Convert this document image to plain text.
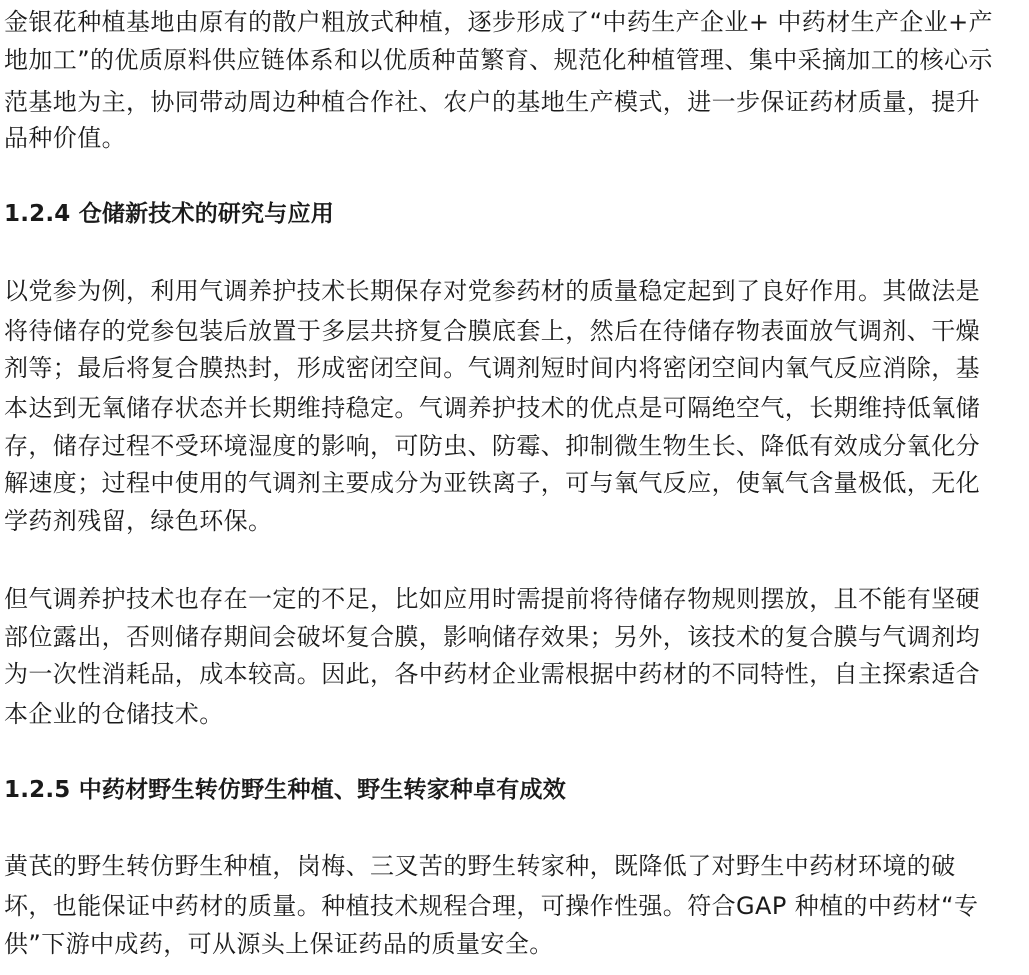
金银花种植基地由原有的散户粗放式种植，逐步形成了“中药生产企业+ 中药材生产企业+产
地加工”的优质原料供应链体系和以优质种苗繁育、规范化种植管理、集中采摘加工的核心示
范基地为主，协同带动周边种植合作社、农户的基地生产模式，进一步保证药材质量，提升
品种价值。
1.2.4 仓储新技术的研究与应用
以党参为例，利用气调养护技术长期保存对党参药材的质量稳定起到了良好作用。其做法是
将待储存的党参包装后放置于多层共挤复合膜底套上，然后在待储存物表面放气调剂、干燥
剂等；最后将复合膜热封，形成密闭空间。气调剂短时间内将密闭空间内氧气反应消除，基
本达到无氧储存状态并长期维持稳定。气调养护技术的优点是可隔绝空气，长期维持低氧储
存，储存过程不受环境湿度的影响，可防虫、防霉、抑制微生物生长、降低有效成分氧化分
解速度；过程中使用的气调剂主要成分为亚铁离子，可与氧气反应，使氧气含量极低，无化
学药剂残留，绿色环保。
但气调养护技术也存在一定的不足，比如应用时需提前将待储存物规则摆放，且不能有坚硬
部位露出，否则储存期间会破坏复合膜，影响储存效果；另外，该技术的复合膜与气调剂均
为一次性消耗品，成本较高。因此，各中药材企业需根据中药材的不同特性，自主探索适合
本企业的仓储技术。
1.2.5 中药材野生转仿野生种植、野生转家种卓有成效
黄芪的野生转仿野生种植，岗梅、三叉苦的野生转家种，既降低了对野生中药材环境的破
坏，也能保证中药材的质量。种植技术规程合理，可操作性强。符合GAP 种植的中药材“专
供”下游中成药，可从源头上保证药品的质量安全。
